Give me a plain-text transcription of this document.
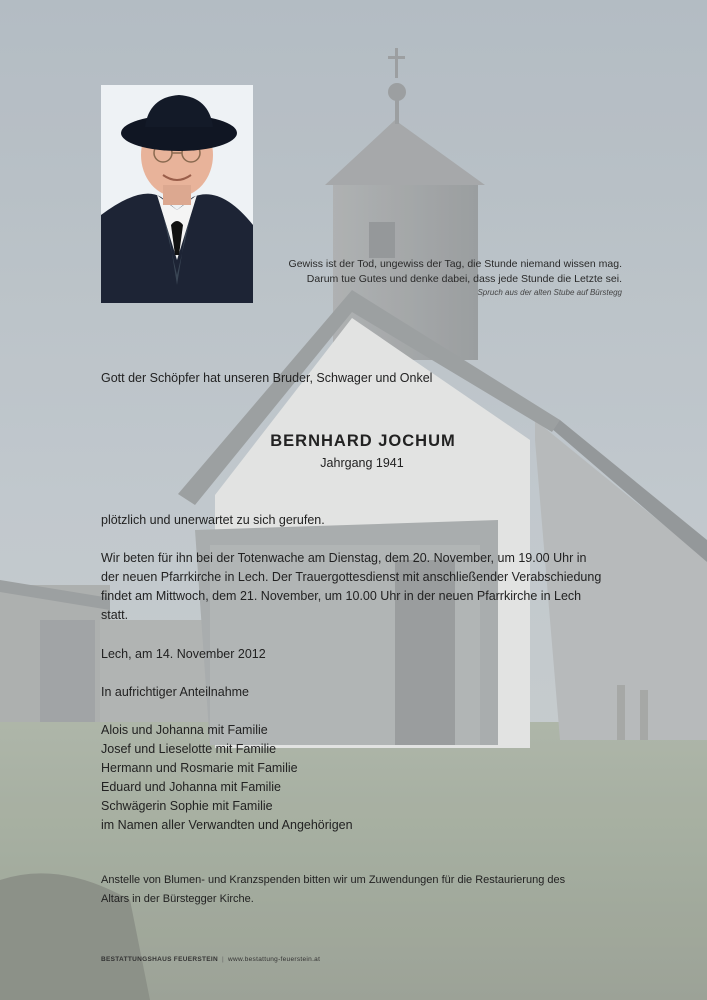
Gewiss ist der Tod, ungewiss der Tag, die Stunde niemand wissen mag.
Darum tue Gutes und denke dabei, dass jede Stunde die Letzte sei.
Spruch aus der alten Stube auf Bürstegg
Gott der Schöpfer hat unseren Bruder, Schwager und Onkel
BERNHARD JOCHUM
Jahrgang 1941
plötzlich und unerwartet zu sich gerufen.
Wir beten für ihn bei der Totenwache am Dienstag, dem 20. November, um 19.00 Uhr in
der neuen Pfarrkirche in Lech. Der Trauergottesdienst mit anschließender Verabschiedung
findet am Mittwoch, dem 21. November, um 10.00 Uhr in der neuen Pfarrkirche in Lech
statt.
Lech, am 14. November 2012
In aufrichtiger Anteilnahme
Alois und Johanna mit Familie
Josef und Lieselotte mit Familie
Hermann und Rosmarie mit Familie
Eduard und Johanna mit Familie
Schwägerin Sophie mit Familie
im Namen aller Verwandten und Angehörigen
Anstelle von Blumen- und Kranzspenden bitten wir um Zuwendungen für die Restaurierung des
Altars in der Bürstegger Kirche.
BESTATTUNGSHAUS FEUERSTEIN | www.bestattung-feuerstein.at
